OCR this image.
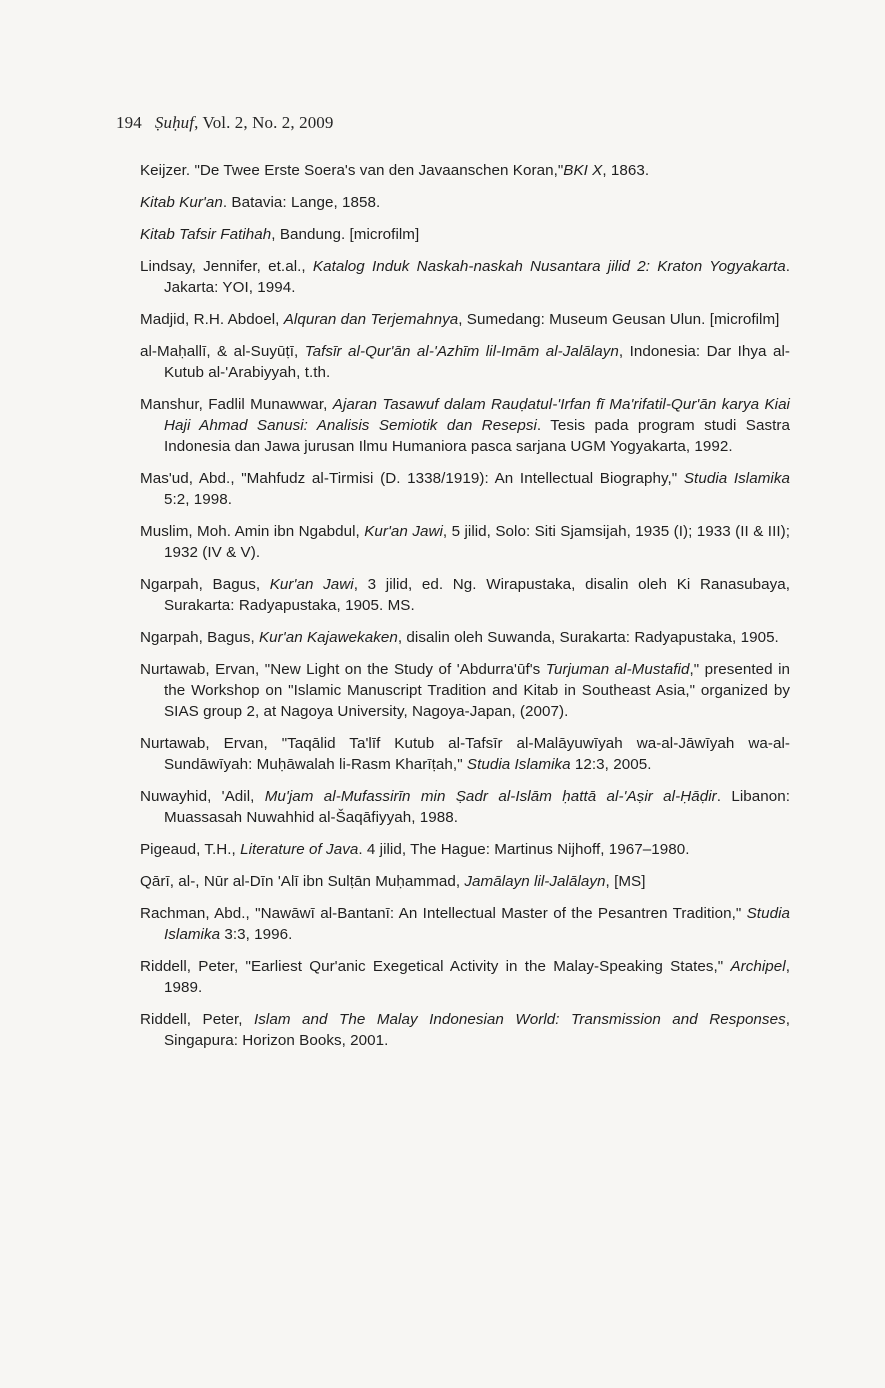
194 Ṣuḥuf, Vol. 2, No. 2, 2009

Keijzer. "De Twee Erste Soera's van den Javaanschen Koran,"BKI X, 1863.

Kitab Kur'an. Batavia: Lange, 1858.

Kitab Tafsir Fatihah, Bandung. [microfilm]

Lindsay, Jennifer, et.al., Katalog Induk Naskah-naskah Nusantara jilid 2: Kraton Yogyakarta. Jakarta: YOI, 1994.

Madjid, R.H. Abdoel, Alquran dan Terjemahnya, Sumedang: Museum Geusan Ulun. [microfilm]

al-Maḥallī, & al-Suyūṭī, Tafsīr al-Qur'ān al-'Azhīm lil-Imām al-Jalālayn, Indonesia: Dar Ihya al-Kutub al-'Arabiyyah, t.th.

Manshur, Fadlil Munawwar, Ajaran Tasawuf dalam Rauḍatul-'Irfan fī Ma'rifatil-Qur'ān karya Kiai Haji Ahmad Sanusi: Analisis Semiotik dan Resepsi. Tesis pada program studi Sastra Indonesia dan Jawa jurusan Ilmu Humaniora pasca sarjana UGM Yogyakarta, 1992.

Mas'ud, Abd., "Mahfudz al-Tirmisi (D. 1338/1919): An Intellectual Biography," Studia Islamika 5:2, 1998.

Muslim, Moh. Amin ibn Ngabdul, Kur'an Jawi, 5 jilid, Solo: Siti Sjamsijah, 1935 (I); 1933 (II & III); 1932 (IV & V).

Ngarpah, Bagus, Kur'an Jawi, 3 jilid, ed. Ng. Wirapustaka, disalin oleh Ki Ranasubaya, Surakarta: Radyapustaka, 1905. MS.

Ngarpah, Bagus, Kur'an Kajawekaken, disalin oleh Suwanda, Surakarta: Radyapustaka, 1905.

Nurtawab, Ervan, "New Light on the Study of 'Abdurra'ūf's Turjuman al-Mustafid," presented in the Workshop on "Islamic Manuscript Tradition and Kitab in Southeast Asia," organized by SIAS group 2, at Nagoya University, Nagoya-Japan, (2007).

Nurtawab, Ervan, "Taqālid Ta'līf Kutub al-Tafsīr al-Malāyuwīyah wa-al-Jāwīyah wa-al-Sundāwīyah: Muḥāwalah li-Rasm Kharīṭah," Studia Islamika 12:3, 2005.

Nuwayhid, 'Adil, Mu'jam al-Mufassirīn min Ṣadr al-Islām ḥattā al-'Aṣir al-Ḥāḍir. Libanon: Muassasah Nuwahhid al-Šaqāfiyyah, 1988.

Pigeaud, T.H., Literature of Java. 4 jilid, The Hague: Martinus Nijhoff, 1967–1980.

Qārī, al-, Nūr al-Dīn 'Alī ibn Sulṭān Muḥammad, Jamālayn lil-Jalālayn, [MS]

Rachman, Abd., "Nawāwī al-Bantanī: An Intellectual Master of the Pesantren Tradition," Studia Islamika 3:3, 1996.

Riddell, Peter, "Earliest Qur'anic Exegetical Activity in the Malay-Speaking States," Archipel, 1989.

Riddell, Peter, Islam and The Malay Indonesian World: Transmission and Responses, Singapura: Horizon Books, 2001.
